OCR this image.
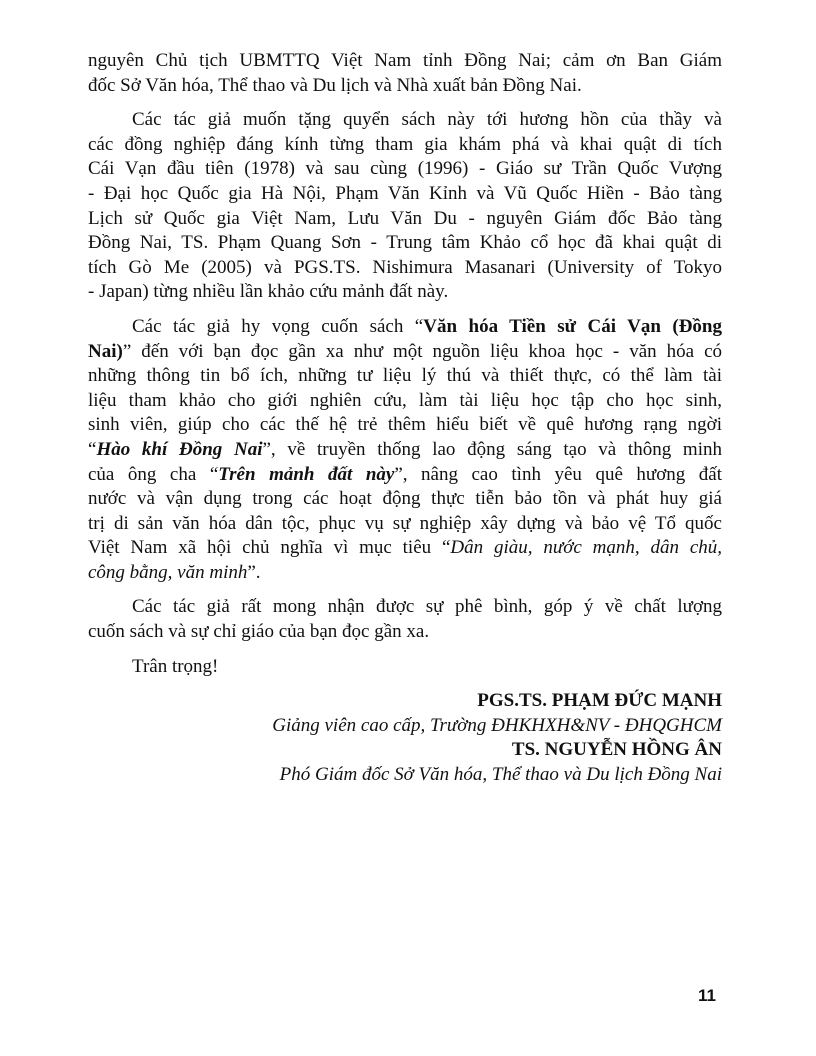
nguyên Chủ tịch UBMTTQ Việt Nam tỉnh Đồng Nai; cảm ơn Ban Giám
đốc Sở Văn hóa, Thể thao và Du lịch và Nhà xuất bản Đồng Nai.
Các tác giả muốn tặng quyển sách này tới hương hồn của thầy và
các đồng nghiệp đáng kính từng tham gia khám phá và khai quật di tích
Cái Vạn đầu tiên (1978) và sau cùng (1996) - Giáo sư Trần Quốc Vượng
- Đại học Quốc gia Hà Nội, Phạm Văn Kỉnh và Vũ Quốc Hiền - Bảo tàng
Lịch sử Quốc gia Việt Nam, Lưu Văn Du - nguyên Giám đốc Bảo tàng
Đồng Nai, TS. Phạm Quang Sơn - Trung tâm Khảo cổ học đã khai quật di
tích Gò Me (2005) và PGS.TS. Nishimura Masanari (University of Tokyo
- Japan) từng nhiều lần khảo cứu mảnh đất này.
Các tác giả hy vọng cuốn sách “Văn hóa Tiền sử Cái Vạn (Đồng
Nai)” đến với bạn đọc gần xa như một nguồn liệu khoa học - văn hóa có
những thông tin bổ ích, những tư liệu lý thú và thiết thực, có thể làm tài
liệu tham khảo cho giới nghiên cứu, làm tài liệu học tập cho học sinh,
sinh viên, giúp cho các thế hệ trẻ thêm hiểu biết về quê hương rạng ngời
“Hào khí Đồng Nai”, về truyền thống lao động sáng tạo và thông minh
của ông cha “Trên mảnh đất này”, nâng cao tình yêu quê hương đất
nước và vận dụng trong các hoạt động thực tiễn bảo tồn và phát huy giá
trị di sản văn hóa dân tộc, phục vụ sự nghiệp xây dựng và bảo vệ Tổ quốc
Việt Nam xã hội chủ nghĩa vì mục tiêu “Dân giàu, nước mạnh, dân chủ,
công bằng, văn minh”.
Các tác giả rất mong nhận được sự phê bình, góp ý về chất lượng
cuốn sách và sự chỉ giáo của bạn đọc gần xa.
Trân trọng!
PGS.TS. PHẠM ĐỨC MẠNH
Giảng viên cao cấp, Trường ĐHKHXH&NV - ĐHQGHCM
TS. NGUYỄN HỒNG ÂN
Phó Giám đốc Sở Văn hóa, Thể thao và Du lịch Đồng Nai
11
